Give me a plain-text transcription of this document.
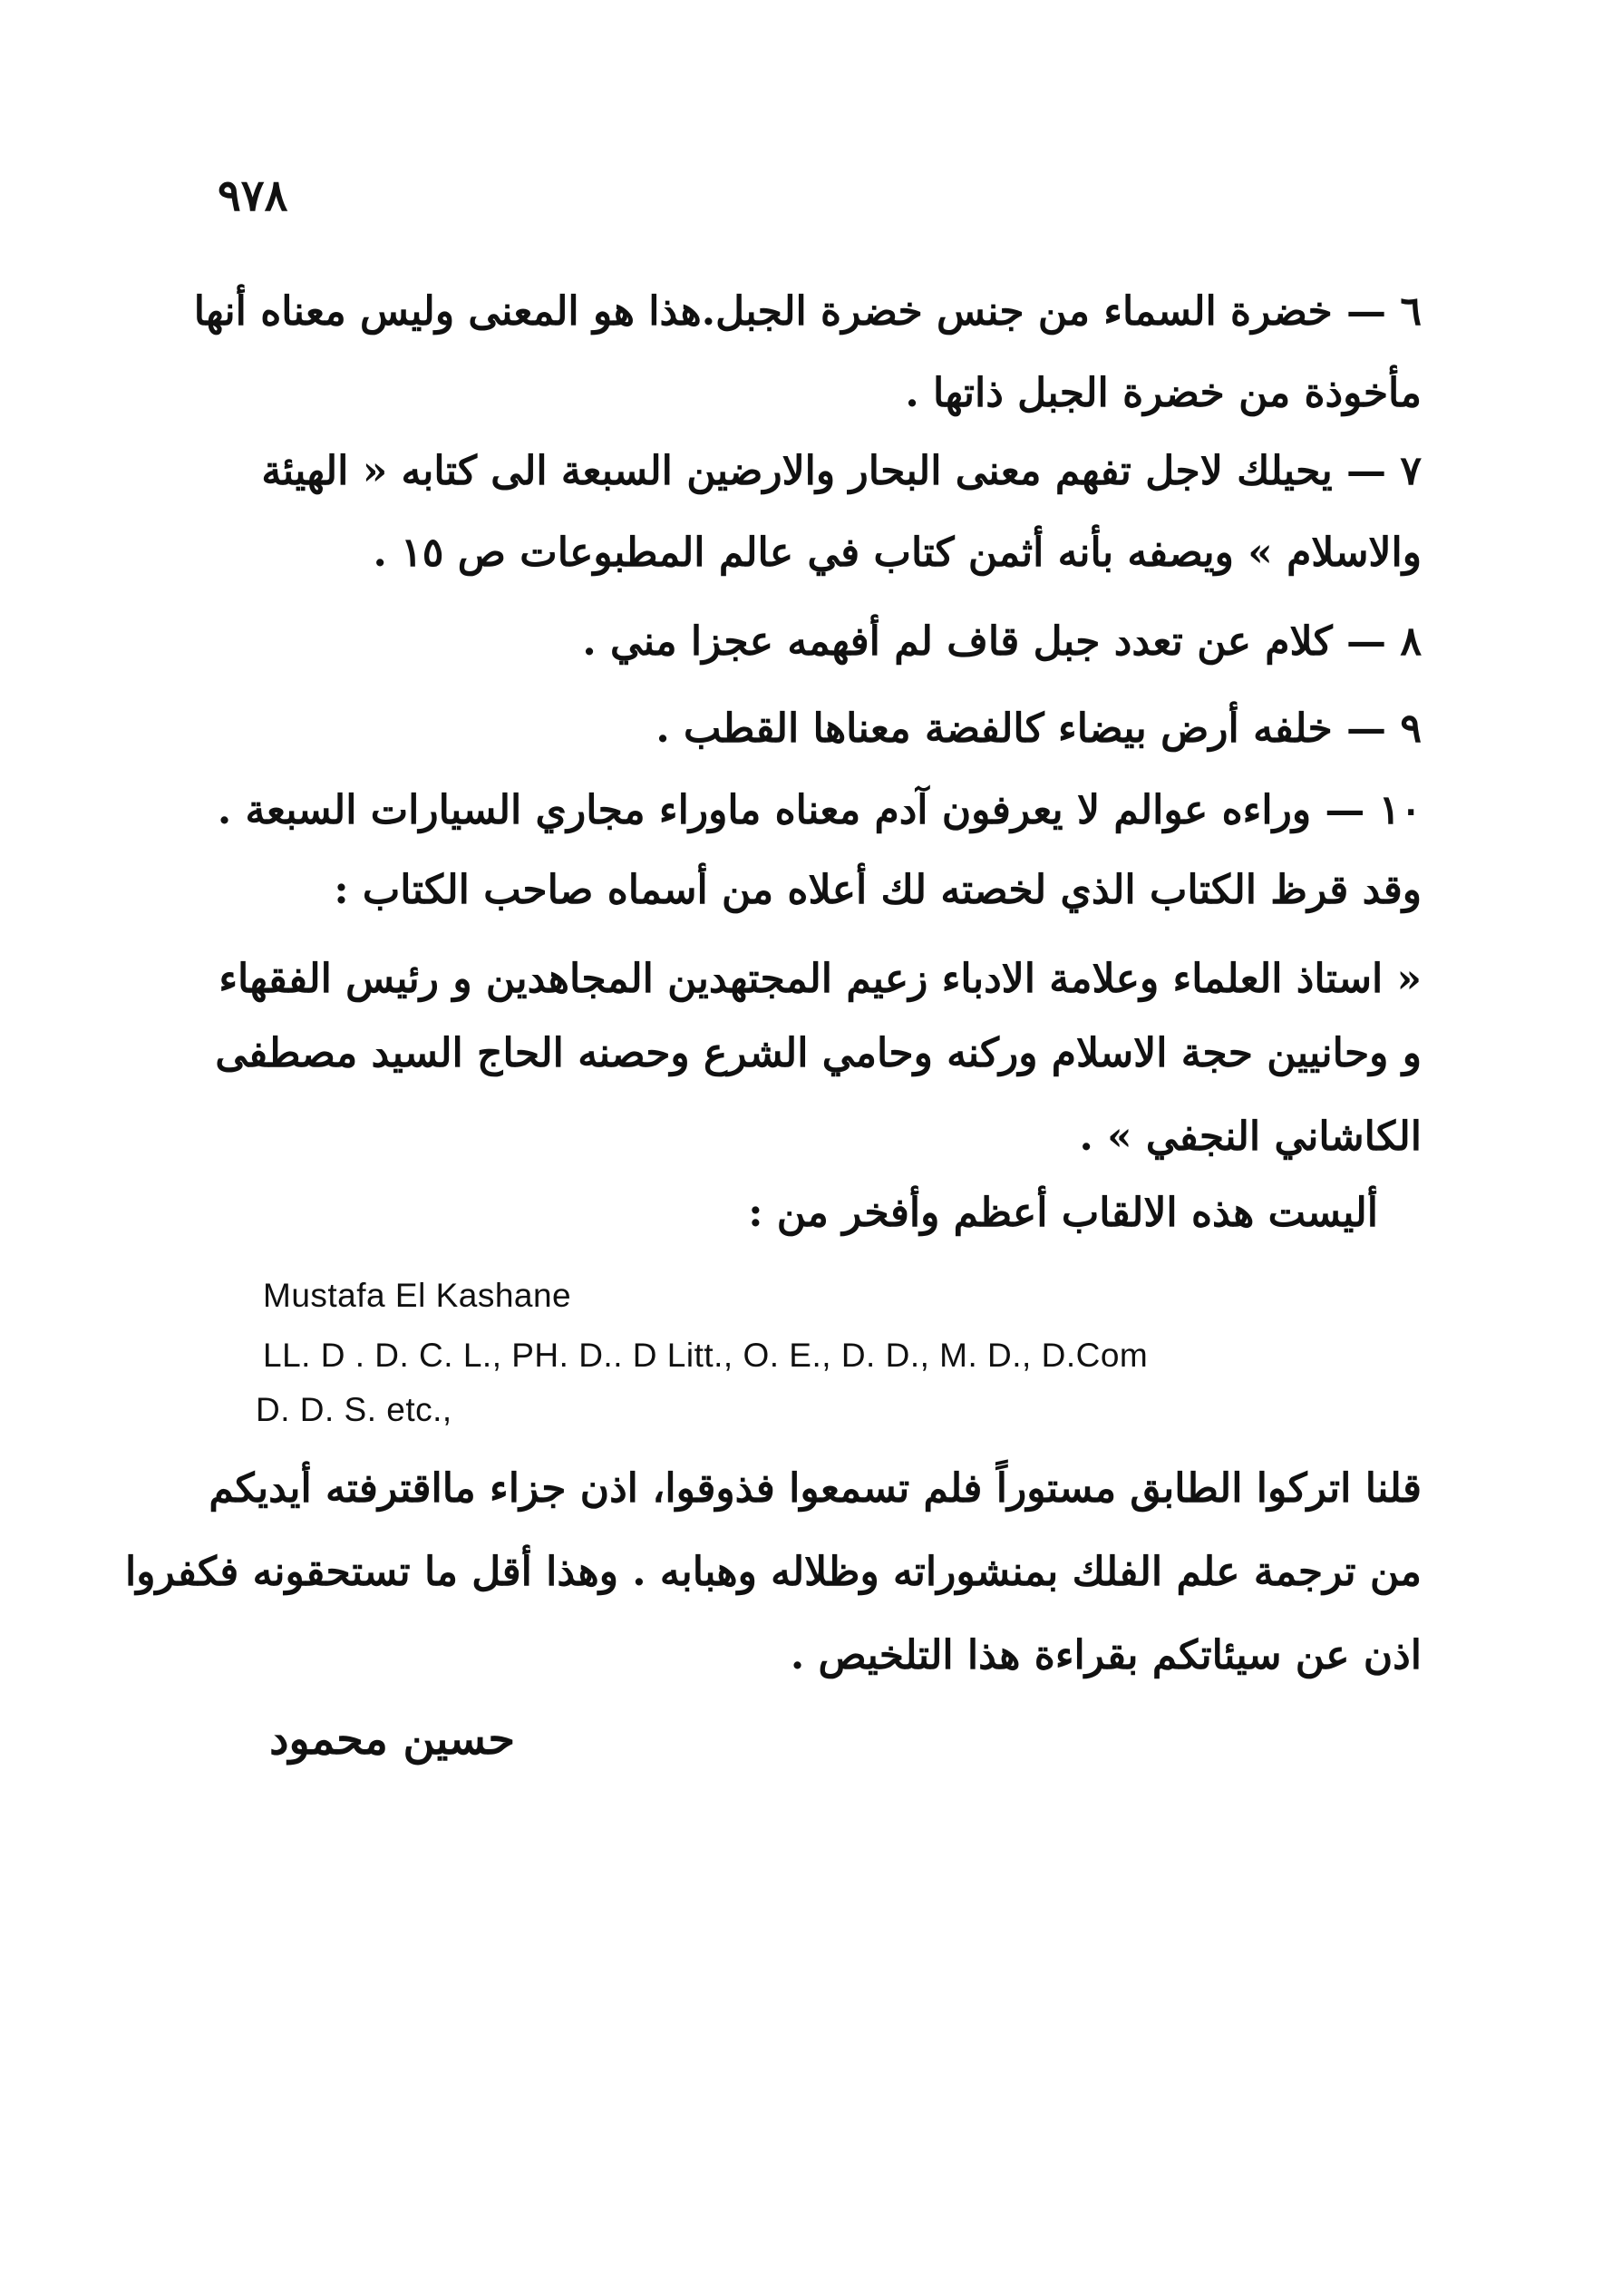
٩٧٨
٦ — خضرة السماء من جنس خضرة الجبل.هذا هو المعنى وليس معناه أنها
مأخوذة من خضرة الجبل ذاتها .
٧ — يحيلك لاجل تفهم معنى البحار والارضين السبعة الى كتابه « الهيئة
والاسلام » ويصفه بأنه أثمن كتاب في عالم المطبوعات ص ١٥ .
٨ — كلام عن تعدد جبل قاف لم أفهمه عجزا مني .
٩ — خلفه أرض بيضاء كالفضة معناها القطب .
١٠ — وراءه عوالم لا يعرفون آدم معناه ماوراء مجاري السيارات السبعة .
وقد قرظ الكتاب الذي لخصته لك أعلاه من أسماه صاحب الكتاب :
« استاذ العلماء وعلامة الادباء زعيم المجتهدين المجاهدين و رئيس الفقهاء
و وحانيين حجة الاسلام وركنه وحامي الشرع وحصنه الحاج السيد مصطفى
الكاشاني النجفي » .
أليست هذه الالقاب أعظم وأفخر من :
Mustafa El Kashane
LL. D . D. C. L., PH. D.. D Litt., O. E., D. D., M. D., D.Com
D. D. S. etc.,
قلنا اتركوا الطابق مستوراً فلم تسمعوا فذوقوا، اذن جزاء مااقترفته أيديكم
من ترجمة علم الفلك بمنشوراته وظلاله وهبابه . وهذا أقل ما تستحقونه فكفروا
اذن عن سيئاتكم بقراءة هذا التلخيص .
حسين محمود
